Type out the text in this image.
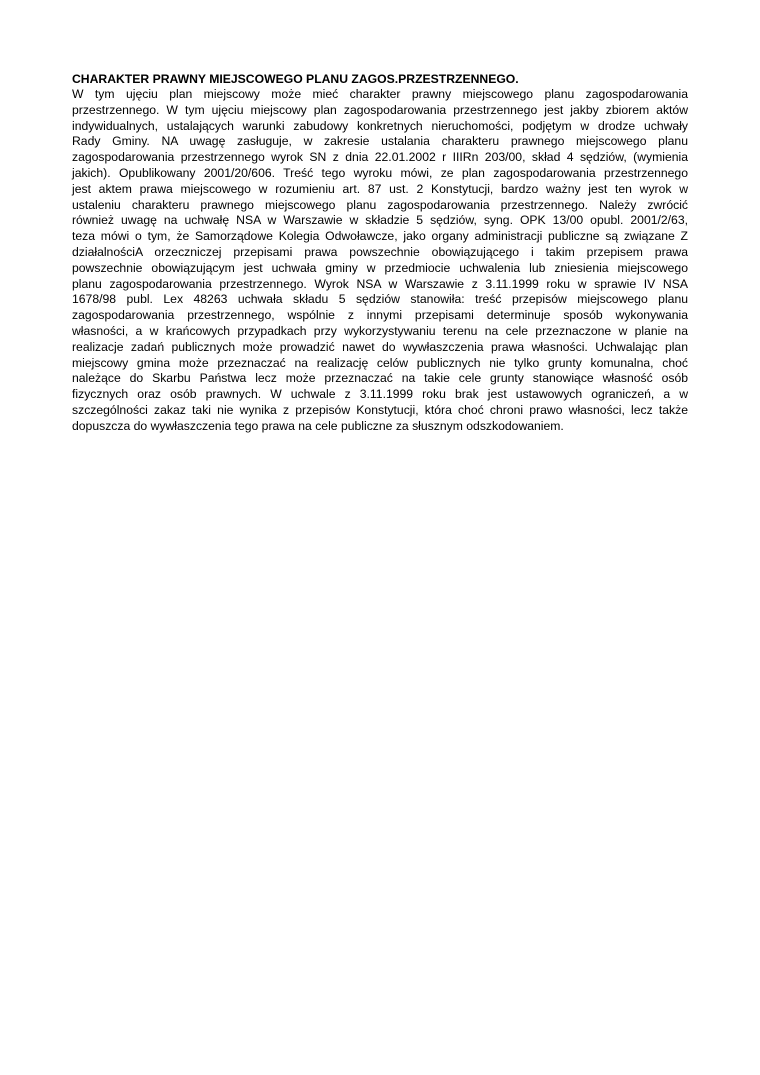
CHARAKTER PRAWNY MIEJSCOWEGO PLANU ZAGOS.PRZESTRZENNEGO.
W tym ujęciu plan miejscowy może mieć charakter prawny miejscowego planu zagospodarowania
przestrzennego. W tym ujęciu miejscowy plan zagospodarowania przestrzennego jest jakby zbiorem aktów
indywidualnych, ustalających warunki zabudowy konkretnych nieruchomości, podjętym w drodze uchwały
Rady Gminy. NA uwagę zasługuje, w zakresie ustalania charakteru prawnego miejscowego planu
zagospodarowania przestrzennego wyrok SN z dnia 22.01.2002 r IIIRn 203/00, skład 4 sędziów, (wymienia
jakich). Opublikowany 2001/20/606. Treść tego wyroku mówi, ze plan zagospodarowania przestrzennego
jest aktem prawa miejscowego w rozumieniu art. 87 ust. 2 Konstytucji, bardzo ważny jest ten wyrok w
ustaleniu charakteru prawnego miejscowego planu zagospodarowania przestrzennego. Należy zwrócić
również uwagę na uchwałę NSA w Warszawie w składzie 5 sędziów, syng. OPK 13/00 opubl. 2001/2/63,
teza mówi o tym, że Samorządowe Kolegia Odwoławcze, jako organy administracji publiczne są związane Z
działalnościA orzeczniczej przepisami prawa powszechnie obowiązującego i takim przepisem prawa
powszechnie obowiązującym jest uchwała gminy w przedmiocie uchwalenia lub zniesienia miejscowego
planu zagospodarowania przestrzennego. Wyrok NSA w Warszawie z 3.11.1999 roku w sprawie IV NSA
1678/98 publ. Lex 48263 uchwała składu 5 sędziów stanowiła: treść przepisów miejscowego planu
zagospodarowania przestrzennego, wspólnie z innymi przepisami determinuje sposób wykonywania
własności, a w krańcowych przypadkach przy wykorzystywaniu terenu na cele przeznaczone w planie na
realizacje zadań publicznych może prowadzić nawet do wywłaszczenia prawa własności. Uchwalając plan
miejscowy gmina może przeznaczać na realizację celów publicznych nie tylko grunty komunalna, choć
należące do Skarbu Państwa lecz może przeznaczać na takie cele grunty stanowiące własność osób
fizycznych oraz osób prawnych. W uchwale z 3.11.1999 roku brak jest ustawowych ograniczeń, a w
szczególności zakaz taki nie wynika z przepisów Konstytucji, która choć chroni prawo własności, lecz także
dopuszcza do wywłaszczenia tego prawa na cele publiczne za słusznym odszkodowaniem.
